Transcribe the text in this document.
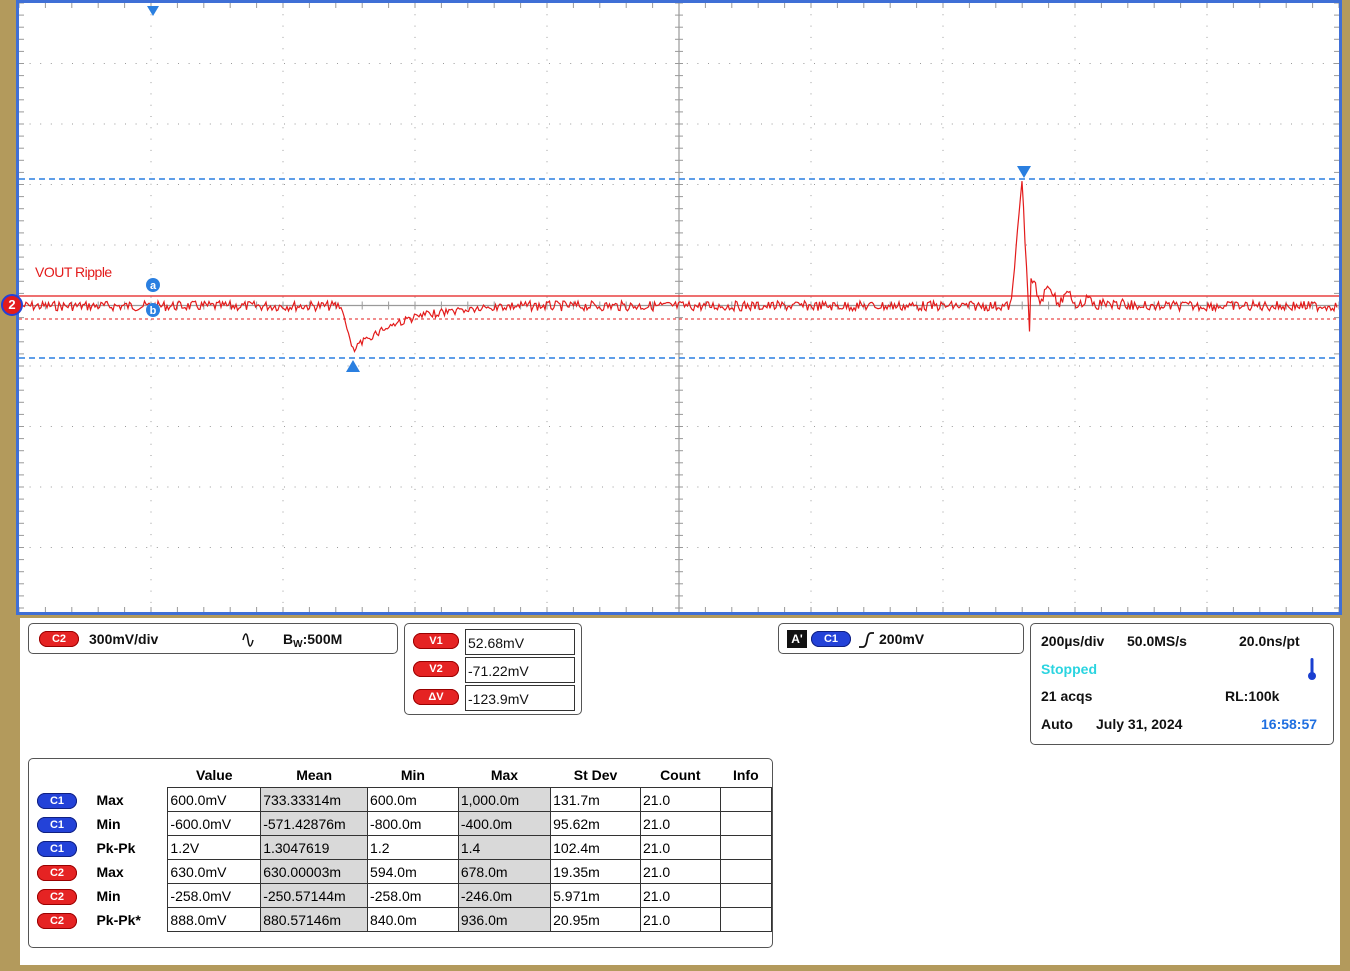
a
b
VOUT Ripple
2
C2	300mV/div	$B_W:500M$	V1	52.68mV
V2	-71.22mV
ΔV	-123.9mV
A'	C1	200mV	200µs/div 50.0MS/s	20.0ns/pt
Stopped
21 acqs	RL:100k
Auto July 31, 2024	16:58:57
		Value	Mean	Min	Max	St Dev	Count	Info
C1	Max	600.0mV	733.33314m	600.0m	1,000.0m	131.7m	21.0	
C1	Min	-600.0mV	-571.42876m	-800.0m	-400.0m	95.62m	21.0	
C1	Pk-Pk	1.2V	1.3047619	1.2	1.4	102.4m	21.0	
C2	Max	630.0mV	630.00003m	594.0m	678.0m	19.35m	21.0	
C2	Min	-258.0mV	-250.57144m	-258.0m	-246.0m	5.971m	21.0	
C2	Pk-Pk*	888.0mV	880.57146m	840.0m	936.0m	20.95m	21.0	
